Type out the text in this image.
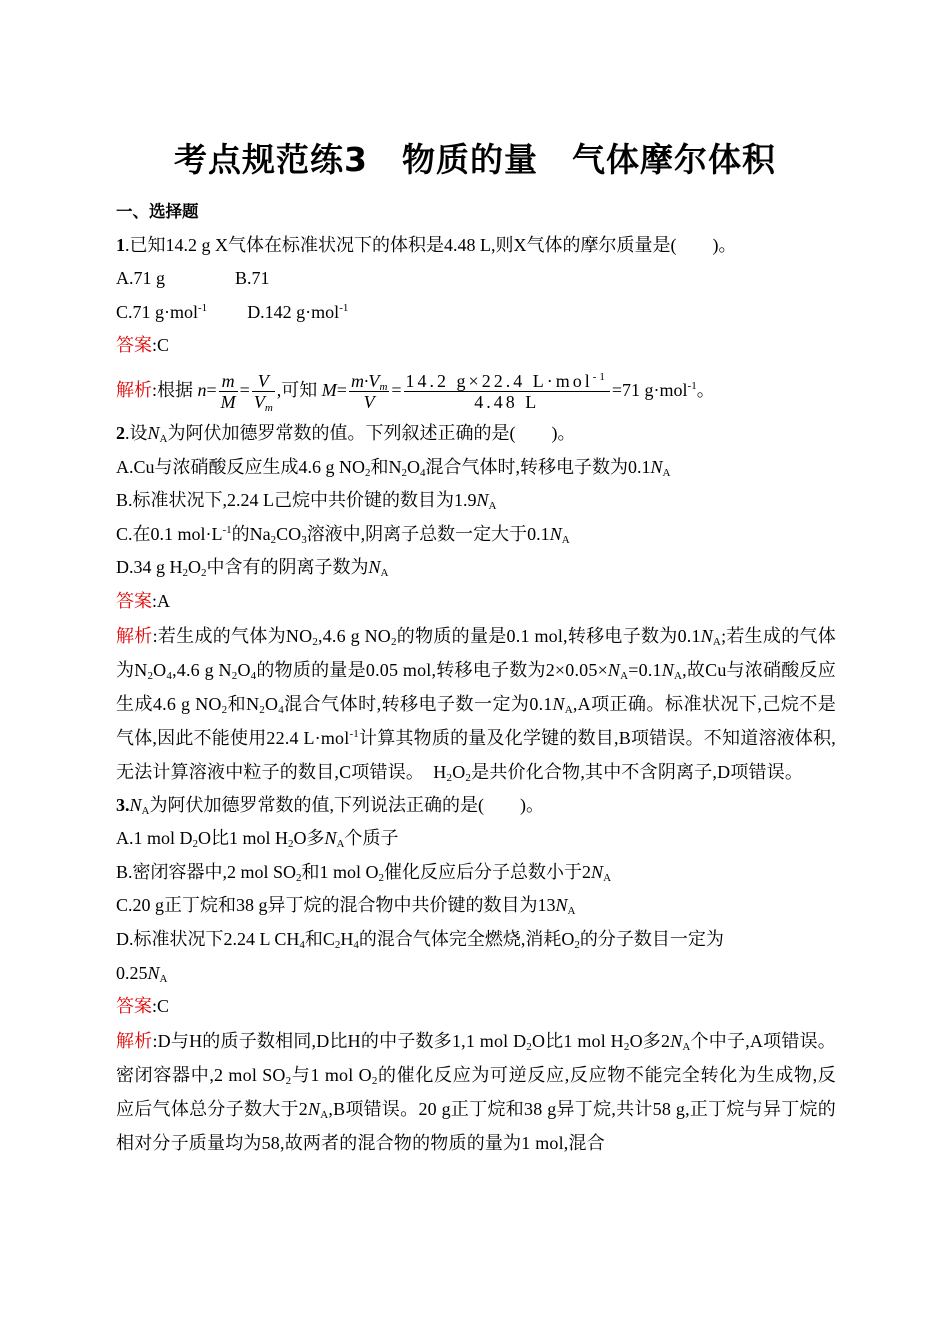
考点规范练3　物质的量　气体摩尔体积
一、选择题
1.已知14.2 g X气体在标准状况下的体积是4.48 L,则X气体的摩尔质量是(　　)。
A.71 g	B.71
C.71 g·mol$^{-1}$ D.142 g·mol$^{-1}$
答案:C
解析:根据 $n= \frac{m}{M} = \frac{V}{V_m}$ ,可知 $M= \frac{m\cdot V_m}{V} = \frac{14.2 g\times 22.4 L\cdot mol^{-1}}{4.48 L} =71$ g·mol$^{-1}$。
2.设$N_A$为阿伏加德罗常数的值。下列叙述正确的是(　　)。
A.Cu与浓硝酸反应生成4.6 g $NO_2$和$N_2O_4$混合气体时,转移电子数为$0.1N_A$
B.标准状况下,2.24 L己烷中共价键的数目为$1.9N_A$
C.在0.1 $mol\cdot L^{-1}$的$Na_2CO_3$溶液中,阴离子总数一定大于$0.1N_A$
D.34 g $H_2O_2$中含有的阴离子数为$N_A$
答案:A
解析:若生成的气体为$NO_2,4.6$ g $NO_2$的物质的量是0.1 mol,转移电子数为$0.1N_A$;若生成的气体为$N_2O_4,4.6$ g $N_2O_4$的物质的量是0.05 mol,转移电子数为$2\times 0.05\times N_A=0.1N_A$,故Cu与浓硝酸反应生成4.6 g $NO_2$和$N_2O_4$混合气体时,转移电子数一定为$0.1N_A,A$项正确。标准状况下,己烷不是气体,因此不能使用22.4 L·mol$^{-1}$计算其物质的量及化学键的数目,B项错误。不知道溶液体积,无法计算溶液中粒子的数目,C项错误。　$H_2O_2$是共价化合物,其中不含阴离子,D项错误。
$3.N_A$为阿伏加德罗常数的值,下列说法正确的是(　　)。
A.1 mol $D_2O$比1 mol $H_2O$多$N_A$个质子
B.密闭容器中,2 mol $SO_2$和1 mol $O_2$催化反应后分子总数小于$2N_A$
C.20 g正丁烷和38 g异丁烷的混合物中共价键的数目为$13N_A$
D.标准状况下2.24 L $CH_4$和$C_2H_4$的混合气体完全燃烧,消耗$O_2$的分子数目一定为
$0.25N_A$
答案:C
解析:D与H的质子数相同,D比H的中子数多1,1 mol $D_2O$比1 mol $H_2O$多$2N_A$个中子,A项错误。密闭容器中,2 mol $SO_2$与1 mol $O_2$的催化反应为可逆反应,反应物不能完全转化为生成物,反应后气体总分子数大于$2N_A,B$项错误。20 g正丁烷和38 g异丁烷,共计58 g,正丁烷与异丁烷的相对分子质量均为58,故两者的混合物的物质的量为1 mol,混合
